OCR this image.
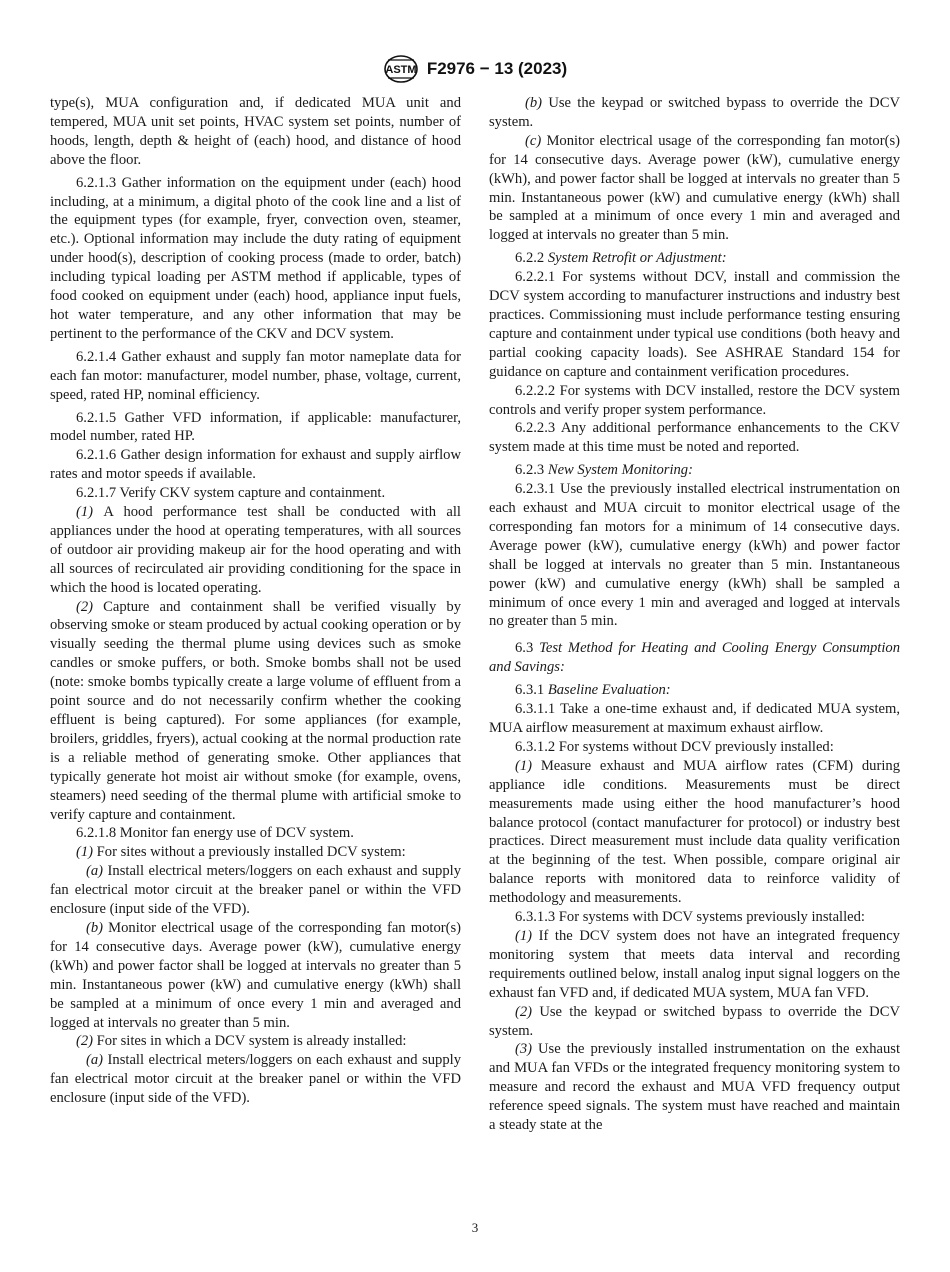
ASTM F2976 − 13 (2023)

type(s), MUA configuration and, if dedicated MUA unit and tempered, MUA unit set points, HVAC system set points, number of hoods, length, depth & height of (each) hood, and distance of hood above the floor.

6.2.1.3 Gather information on the equipment under (each) hood including, at a minimum, a digital photo of the cook line and a list of the equipment types (for example, fryer, convection oven, steamer, etc.). Optional information may include the duty rating of equipment under hood(s), description of cooking process (made to order, batch) including typical loading per ASTM method if applicable, types of food cooked on equipment under (each) hood, appliance input fuels, hot water temperature, and any other information that may be pertinent to the performance of the CKV and DCV system.

6.2.1.4 Gather exhaust and supply fan motor nameplate data for each fan motor: manufacturer, model number, phase, voltage, current, speed, rated HP, nominal efficiency.

6.2.1.5 Gather VFD information, if applicable: manufacturer, model number, rated HP.

6.2.1.6 Gather design information for exhaust and supply airflow rates and motor speeds if available.

6.2.1.7 Verify CKV system capture and containment.

(1) A hood performance test shall be conducted with all appliances under the hood at operating temperatures, with all sources of outdoor air providing makeup air for the hood operating and with all sources of recirculated air providing conditioning for the space in which the hood is located operating.

(2) Capture and containment shall be verified visually by observing smoke or steam produced by actual cooking operation or by visually seeding the thermal plume using devices such as smoke candles or smoke puffers, or both. Smoke bombs shall not be used (note: smoke bombs typically create a large volume of effluent from a point source and do not necessarily confirm whether the cooking effluent is being captured). For some appliances (for example, broilers, griddles, fryers), actual cooking at the normal production rate is a reliable method of generating smoke. Other appliances that typically generate hot moist air without smoke (for example, ovens, steamers) need seeding of the thermal plume with artificial smoke to verify capture and containment.

6.2.1.8 Monitor fan energy use of DCV system.

(1) For sites without a previously installed DCV system:

(a) Install electrical meters/loggers on each exhaust and supply fan electrical motor circuit at the breaker panel or within the VFD enclosure (input side of the VFD).

(b) Monitor electrical usage of the corresponding fan motor(s) for 14 consecutive days. Average power (kW), cumulative energy (kWh) and power factor shall be logged at intervals no greater than 5 min. Instantaneous power (kW) and cumulative energy (kWh) shall be sampled at a minimum of once every 1 min and averaged and logged at intervals no greater than 5 min.

(2) For sites in which a DCV system is already installed:

(a) Install electrical meters/loggers on each exhaust and supply fan electrical motor circuit at the breaker panel or within the VFD enclosure (input side of the VFD).

(b) Use the keypad or switched bypass to override the DCV system.

(c) Monitor electrical usage of the corresponding fan motor(s) for 14 consecutive days. Average power (kW), cumulative energy (kWh), and power factor shall be logged at intervals no greater than 5 min. Instantaneous power (kW) and cumulative energy (kWh) shall be sampled at a minimum of once every 1 min and averaged and logged at intervals no greater than 5 min.

6.2.2 System Retrofit or Adjustment:

6.2.2.1 For systems without DCV, install and commission the DCV system according to manufacturer instructions and industry best practices. Commissioning must include performance testing ensuring capture and containment under typical use conditions (both heavy and partial cooking capacity loads). See ASHRAE Standard 154 for guidance on capture and containment verification procedures.

6.2.2.2 For systems with DCV installed, restore the DCV system controls and verify proper system performance.

6.2.2.3 Any additional performance enhancements to the CKV system made at this time must be noted and reported.

6.2.3 New System Monitoring:

6.2.3.1 Use the previously installed electrical instrumentation on each exhaust and MUA circuit to monitor electrical usage of the corresponding fan motors for a minimum of 14 consecutive days. Average power (kW), cumulative energy (kWh) and power factor shall be logged at intervals no greater than 5 min. Instantaneous power (kW) and cumulative energy (kWh) shall be sampled a minimum of once every 1 min and averaged and logged at intervals no greater than 5 min.

6.3 Test Method for Heating and Cooling Energy Consumption and Savings:

6.3.1 Baseline Evaluation:

6.3.1.1 Take a one-time exhaust and, if dedicated MUA system, MUA airflow measurement at maximum exhaust airflow.

6.3.1.2 For systems without DCV previously installed:

(1) Measure exhaust and MUA airflow rates (CFM) during appliance idle conditions. Measurements must be direct measurements made using either the hood manufacturer’s hood balance protocol (contact manufacturer for protocol) or industry best practices. Direct measurement must include data quality verification at the beginning of the test. When possible, compare original air balance reports with monitored data to reinforce validity of methodology and measurements.

6.3.1.3 For systems with DCV systems previously installed:

(1) If the DCV system does not have an integrated frequency monitoring system that meets data interval and recording requirements outlined below, install analog input signal loggers on the exhaust fan VFD and, if dedicated MUA system, MUA fan VFD.

(2) Use the keypad or switched bypass to override the DCV system.

(3) Use the previously installed instrumentation on the exhaust and MUA fan VFDs or the integrated frequency monitoring system to measure and record the exhaust and MUA VFD frequency output reference speed signals. The system must have reached and maintain a steady state at the

3
